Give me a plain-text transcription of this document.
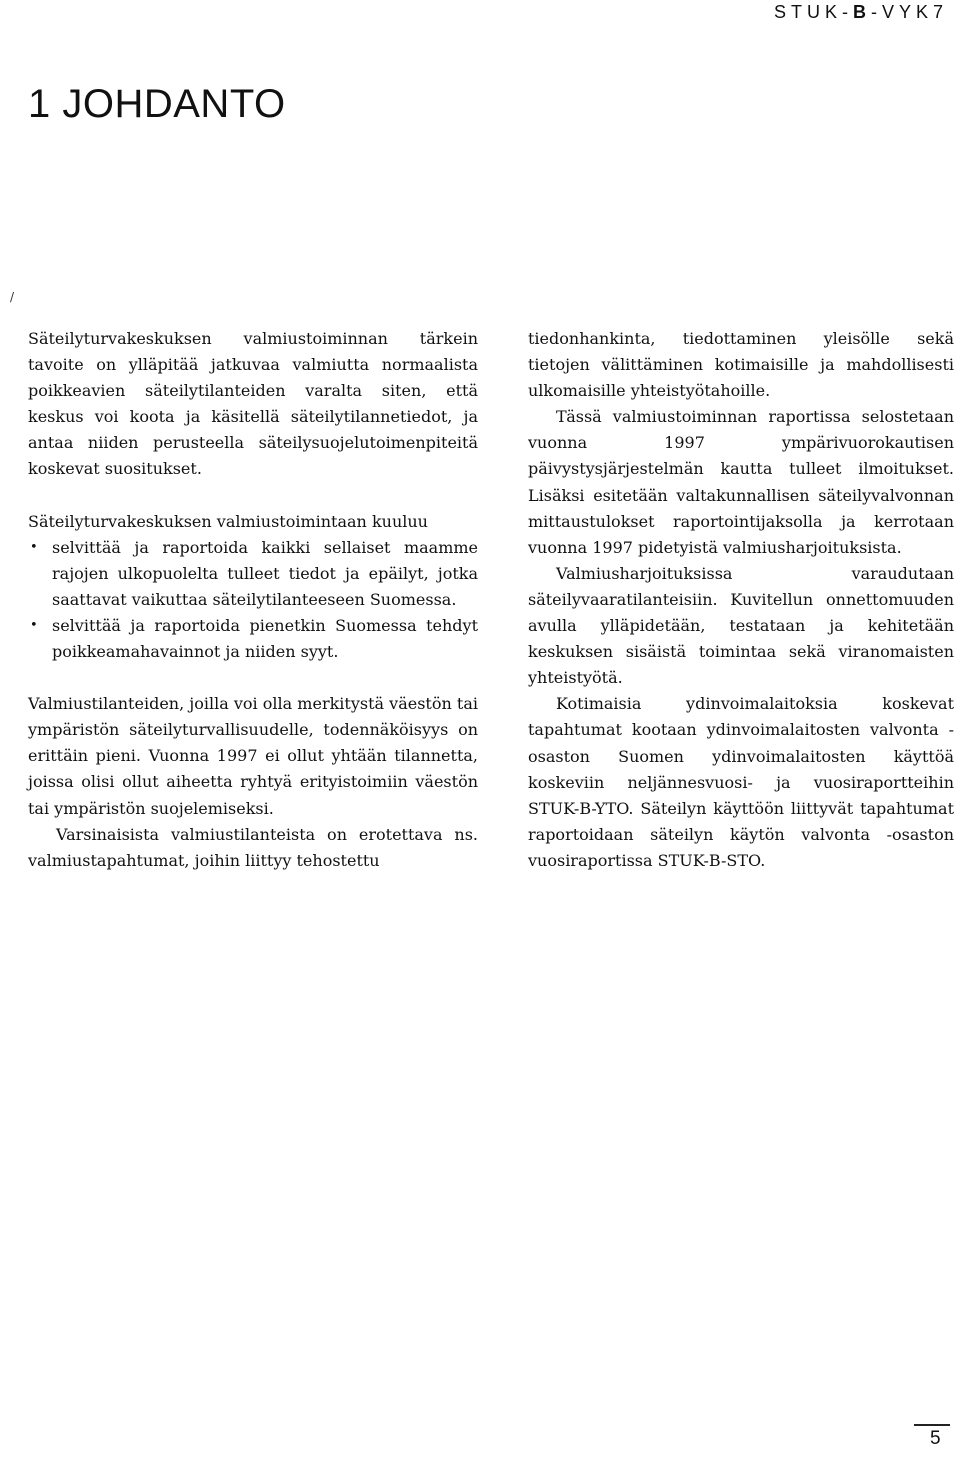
STUK-B-VYK7
1 JOHDANTO
/

Säteilyturvakeskuksen valmiustoiminnan tärkein tavoite on ylläpitää jatkuvaa valmiutta normaalista poikkeavien säteilytilanteiden varalta siten, että keskus voi koota ja käsitellä säteilytilannetiedot, ja antaa niiden perusteella säteilysuojelutoimenpiteitä koskevat suositukset.

Säteilyturvakeskuksen valmiustoimintaan kuuluu

• selvittää ja raportoida kaikki sellaiset maamme rajojen ulkopuolelta tulleet tiedot ja epäilyt, jotka saattavat vaikuttaa säteilytilanteeseen Suomessa.
• selvittää ja raportoida pienetkin Suomessa tehdyt poikkeamahavainnot ja niiden syyt.

Valmiustilanteiden, joilla voi olla merkitystä väestön tai ympäristön säteilyturvallisuudelle, todennäköisyys on erittäin pieni. Vuonna 1997 ei ollut yhtään tilannetta, joissa olisi ollut aiheetta ryhtyä erityistoimiin väestön tai ympäristön suojelemiseksi.

Varsinaisista valmiustilanteista on erotettava ns. valmiustapahtumat, joihin liittyy tehostettu

tiedonhankinta, tiedottaminen yleisölle sekä tietojen välittäminen kotimaisille ja mahdollisesti ulkomaisille yhteistyötahoille.

Tässä valmiustoiminnan raportissa selostetaan vuonna 1997 ympärivuorokautisen päivystysjärjestelmän kautta tulleet ilmoitukset. Lisäksi esitetään valtakunnallisen säteilyvalvonnan mittaustulokset raportointijaksolla ja kerrotaan vuonna 1997 pidetyistä valmiusharjoituksista.

Valmiusharjoituksissa varaudutaan säteilyvaaratilanteisiin. Kuvitellun onnettomuuden avulla ylläpidetään, testataan ja kehitetään keskuksen sisäistä toimintaa sekä viranomaisten yhteistyötä.

Kotimaisia ydinvoimalaitoksia koskevat tapahtumat kootaan ydinvoimalaitosten valvonta -osaston Suomen ydinvoimalaitosten käyttöä koskeviin neljännesvuosi- ja vuosiraportteihin STUK-B-YTO. Säteilyn käyttöön liittyvät tapahtumat raportoidaan säteilyn käytön valvonta -osaston vuosiraportissa STUK-B-STO.

5
